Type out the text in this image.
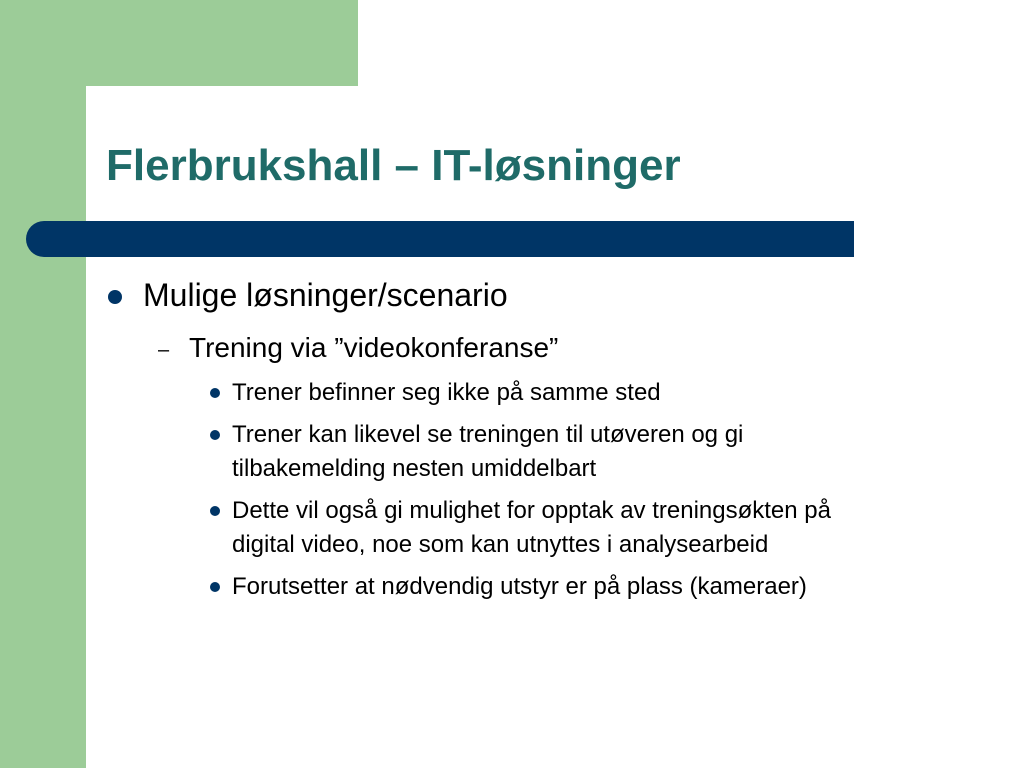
Flerbrukshall – IT-løsninger
Mulige løsninger/scenario
– Trening via ”videokonferanse”
Trener befinner seg ikke på samme sted
Trener kan likevel se treningen til utøveren og gi
tilbakemelding nesten umiddelbart
Dette vil også gi mulighet for opptak av treningsøkten på
digital video, noe som kan utnyttes i analysearbeid
Forutsetter at nødvendig utstyr er på plass (kameraer)
